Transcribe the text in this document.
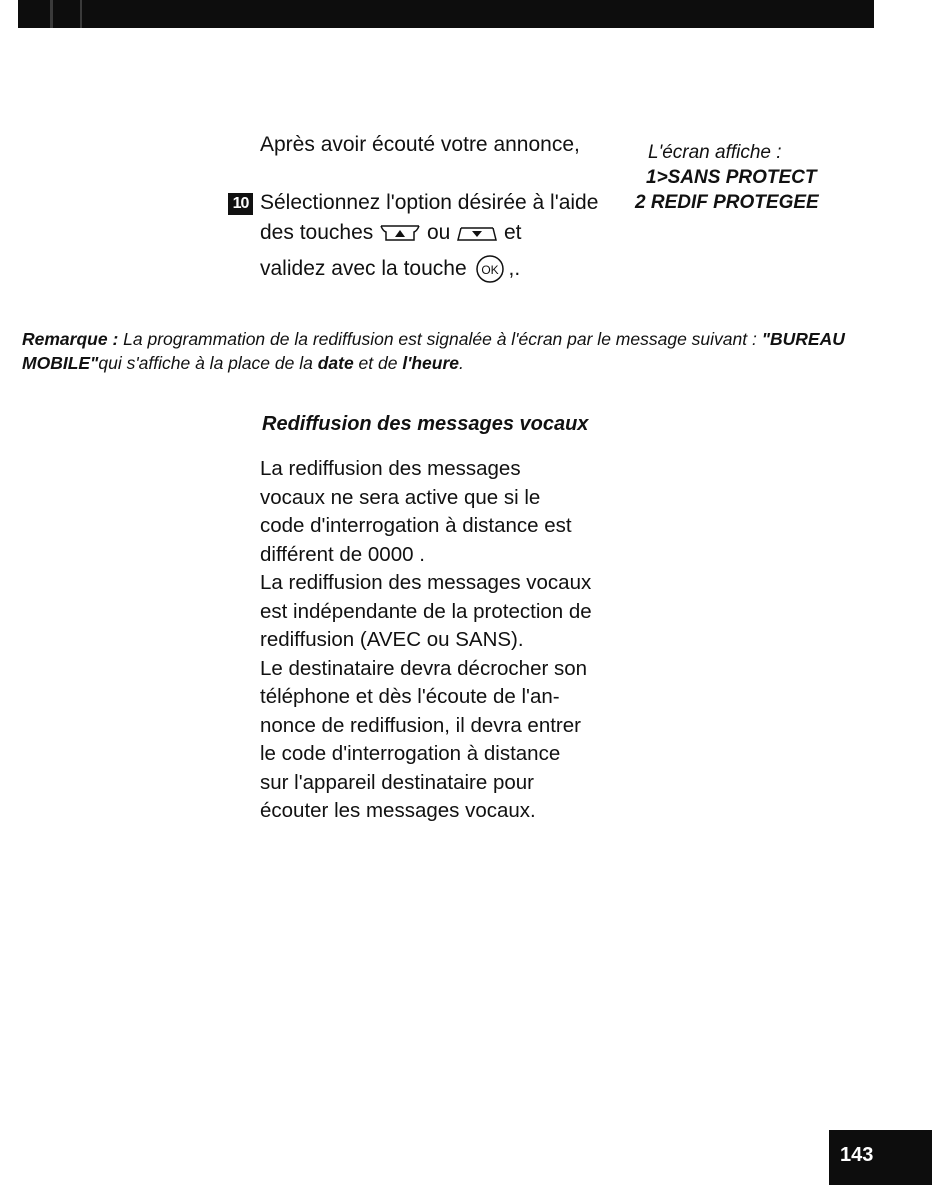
Après avoir écouté votre annonce,
10 Sélectionnez l'option désirée à l'aide
des touches	ou	et
validez avec la touche OK ,.
L'écran affiche :
1>SANS PROTECT
2 REDIF PROTEGEE
Remarque : La programmation de la rediffusion est signalée à l'écran par le message suivant : "BUREAU MOBILE"qui s'affiche à la place de la date et de l'heure.
Rediffusion des messages vocaux

La rediffusion des messages

vocaux ne sera active que si le

code d'interrogation à distance est

différent de 0000 .

La rediffusion des messages vocaux

est indépendante de la protection de

rediffusion (AVEC ou SANS).

Le destinataire devra décrocher son

téléphone et dès l'écoute de l'an-

nonce de rediffusion, il devra entrer

le code d'interrogation à distance

sur l'appareil destinataire pour

écouter les messages vocaux.

143
